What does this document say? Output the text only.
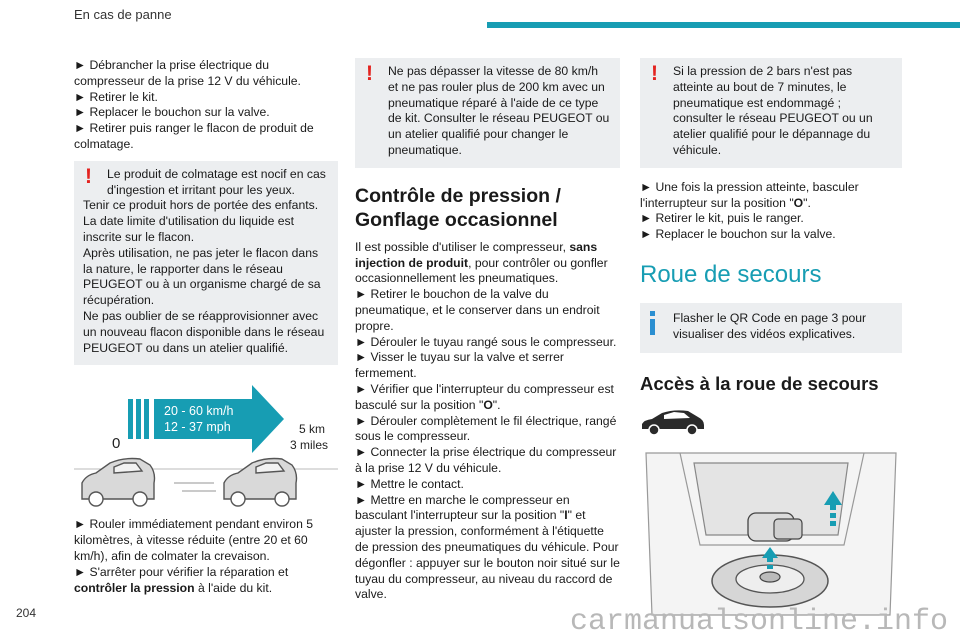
En cas de panne

► Débrancher la prise électrique du compresseur de la prise 12 V du véhicule.

► Retirer le kit.

► Replacer le bouchon sur la valve.

► Retirer puis ranger le flacon de produit de colmatage.

!	Le produit de colmatage est nocif en cas d'ingestion et irritant pour les yeux.

Tenir ce produit hors de portée des enfants.

La date limite d'utilisation du liquide est inscrite sur le flacon.

Après utilisation, ne pas jeter le flacon dans la nature, le rapporter dans le réseau PEUGEOT ou à un organisme chargé de sa récupération.

Ne pas oublier de se réapprovisionner avec un nouveau flacon disponible dans le réseau PEUGEOT ou dans un atelier qualifié.

0
20 - 60 km/h
12 - 37 mph	5 km
3 miles

► Rouler immédiatement pendant environ 5 kilomètres, à vitesse réduite (entre 20 et 60 km/h), afin de colmater la crevaison.

► S'arrêter pour vérifier la réparation et contrôler la pression à l'aide du kit.

!	Ne pas dépasser la vitesse de 80 km/h et ne pas rouler plus de 200 km avec un pneumatique réparé à l'aide de ce type de kit. Consulter le réseau PEUGEOT ou un atelier qualifié pour changer le pneumatique.

Contrôle de pression / Gonflage occasionnel

Il est possible d'utiliser le compresseur, sans injection de produit, pour contrôler ou gonfler occasionnellement les pneumatiques.

► Retirer le bouchon de la valve du pneumatique, et le conserver dans un endroit propre.

► Dérouler le tuyau rangé sous le compresseur.

► Visser le tuyau sur la valve et serrer fermement.

► Vérifier que l'interrupteur du compresseur est basculé sur la position "O".

► Dérouler complètement le fil électrique, rangé sous le compresseur.

► Connecter la prise électrique du compresseur à la prise 12 V du véhicule.

► Mettre le contact.

► Mettre en marche le compresseur en basculant l'interrupteur sur la position "I" et ajuster la pression, conformément à l'étiquette de pression des pneumatiques du véhicule. Pour dégonfler : appuyer sur le bouton noir situé sur le tuyau du compresseur, au niveau du raccord de valve.

!	Si la pression de 2 bars n'est pas atteinte au bout de 7 minutes, le pneumatique est endommagé ; consulter le réseau PEUGEOT ou un atelier qualifié pour le dépannage du véhicule.

► Une fois la pression atteinte, basculer l'interrupteur sur la position "O".

► Retirer le kit, puis le ranger.

► Replacer le bouchon sur la valve.

Roue de secours

Flasher le QR Code en page 3 pour visualiser des vidéos explicatives.

Accès à la roue de secours
204	carmanualsonline.info
